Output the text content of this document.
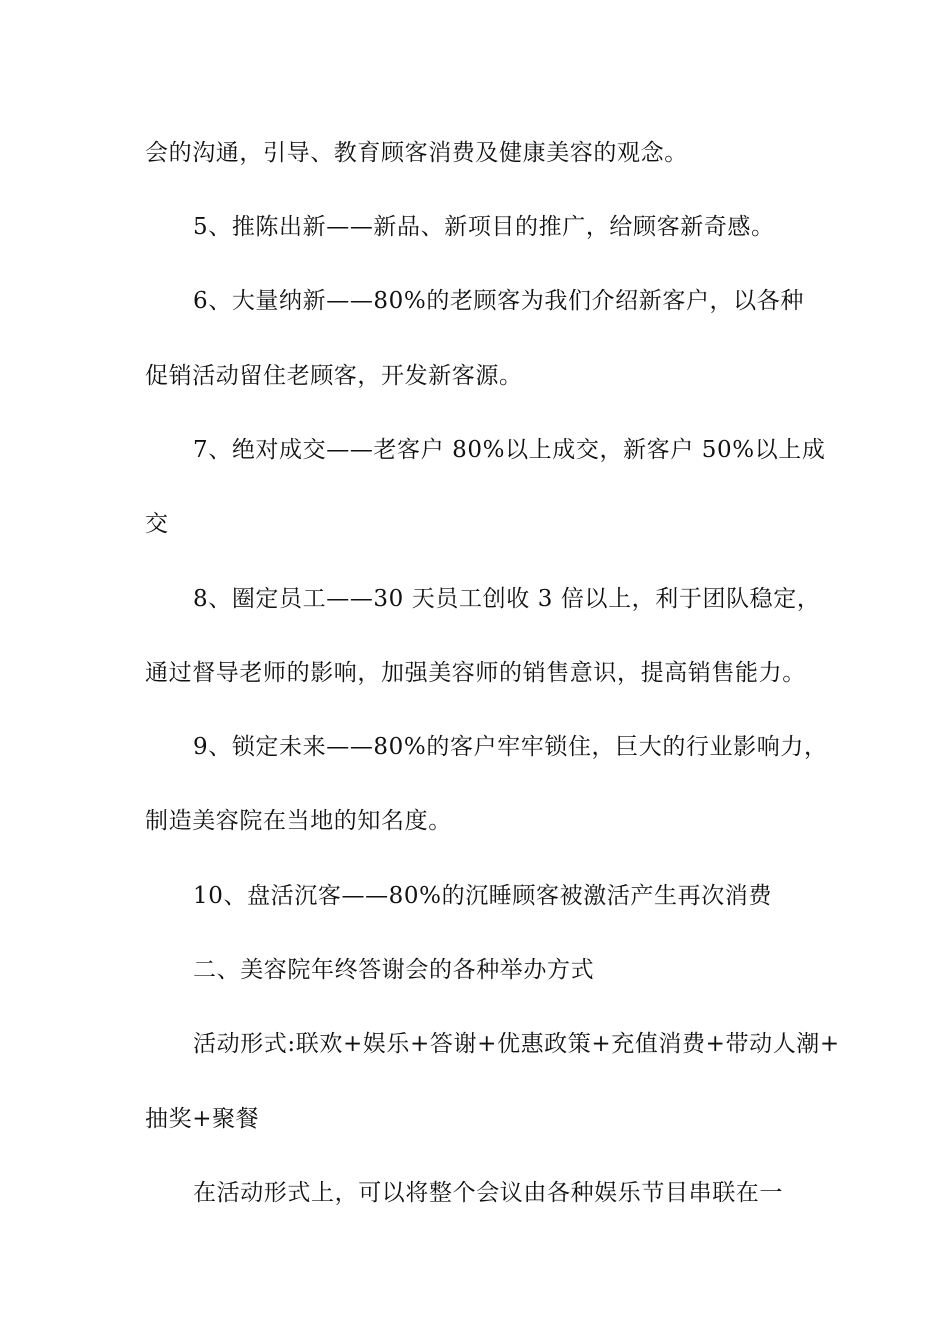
会的沟通，引导、教育顾客消费及健康美容的观念。
5、推陈出新——新品、新项目的推广，给顾客新奇感。
6、大量纳新——80%的老顾客为我们介绍新客户，以各种
促销活动留住老顾客，开发新客源。
7、绝对成交——老客户 80%以上成交，新客户 50%以上成
交
8、圈定员工——30 天员工创收 3 倍以上，利于团队稳定，
通过督导老师的影响，加强美容师的销售意识，提高销售能力。
9、锁定未来——80%的客户牢牢锁住，巨大的行业影响力，
制造美容院在当地的知名度。
10、盘活沉客——80%的沉睡顾客被激活产生再次消费
二、美容院年终答谢会的各种举办方式
活动形式:联欢+娱乐+答谢+优惠政策+充值消费+带动人潮+
抽奖+聚餐
在活动形式上，可以将整个会议由各种娱乐节目串联在一
